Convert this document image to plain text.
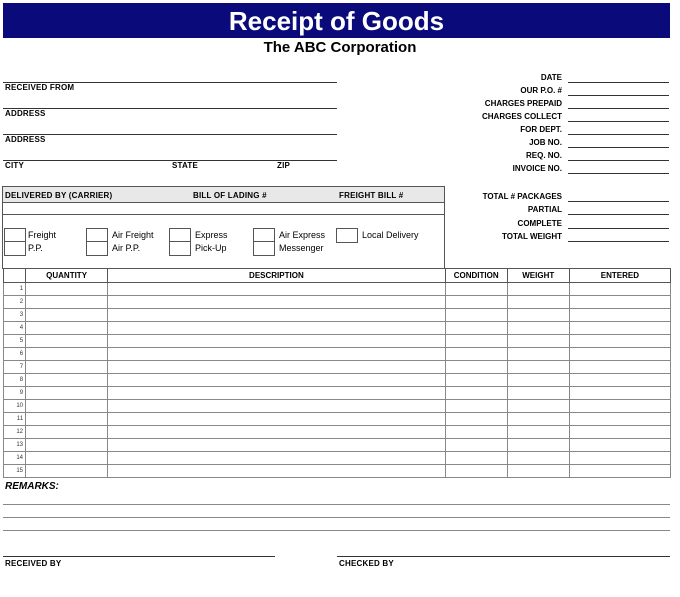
Receipt of Goods
The ABC Corporation
RECEIVED FROM
ADDRESS
ADDRESS
CITY	STATE	ZIP
DATE
OUR P.O. #
CHARGES PREPAID
CHARGES COLLECT
FOR DEPT.
JOB NO.
REQ. NO.
INVOICE NO.
DELIVERED BY (CARRIER)	BILL OF LADING #	FREIGHT BILL #
Freight
P.P.
Air Freight
Air P.P.
Express
Pick-Up
Air Express
Messenger
Local Delivery
TOTAL # PACKAGES
PARTIAL
COMPLETE
TOTAL WEIGHT
	QUANTITY	DESCRIPTION	CONDITION	WEIGHT	ENTERED
1					
2					
3					
4					
5					
6					
7					
8					
9					
10					
11					
12					
13					
14					
15					
REMARKS:
RECEIVED BY	CHECKED BY
